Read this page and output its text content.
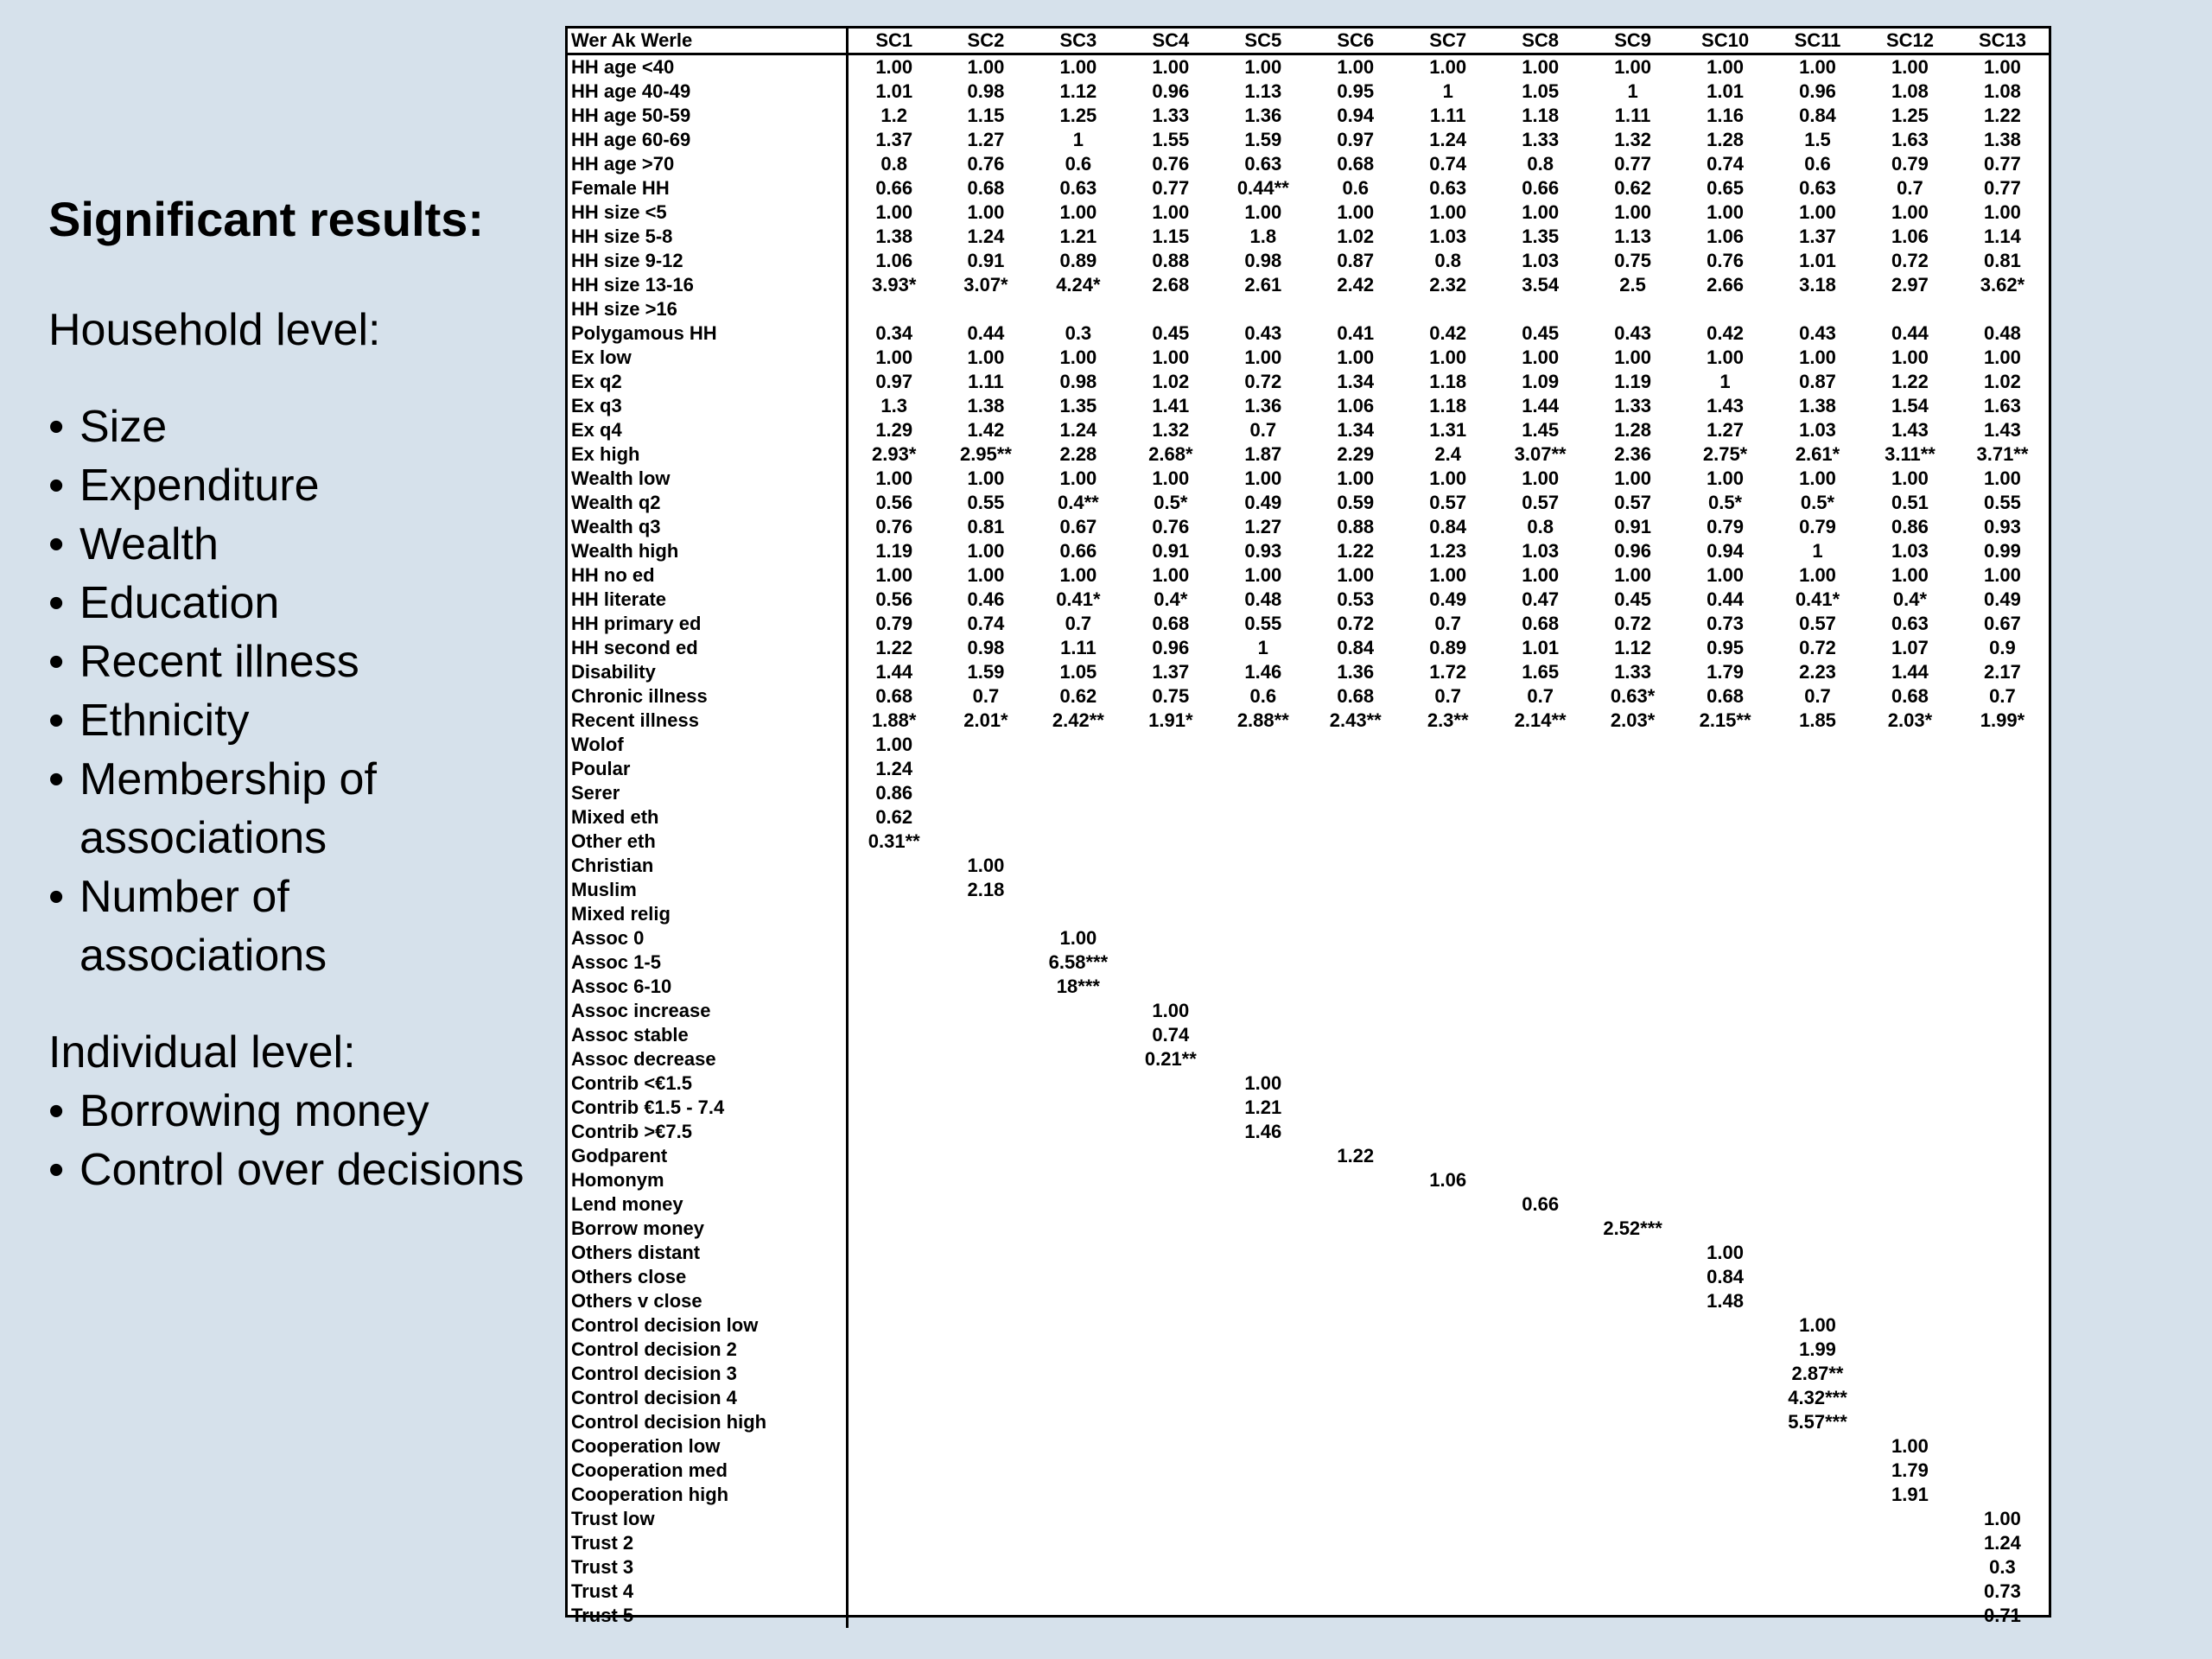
Significant results:
Household level:
• Size
• Expenditure
• Wealth
• Education
• Recent illness
• Ethnicity
• Membership of associations
• Number of associations
Individual level:
• Borrowing money
• Control over decisions
Wer Ak Werle	SC1	SC2	SC3	SC4	SC5	SC6	SC7	SC8	SC9	SC10	SC11	SC12	SC13
HH age <40	1.00	1.00	1.00	1.00	1.00	1.00	1.00	1.00	1.00	1.00	1.00	1.00	1.00
HH age 40-49	1.01	0.98	1.12	0.96	1.13	0.95	1	1.05	1	1.01	0.96	1.08	1.08
HH age 50-59	1.2	1.15	1.25	1.33	1.36	0.94	1.11	1.18	1.11	1.16	0.84	1.25	1.22
HH age 60-69	1.37	1.27	1	1.55	1.59	0.97	1.24	1.33	1.32	1.28	1.5	1.63	1.38
HH age >70	0.8	0.76	0.6	0.76	0.63	0.68	0.74	0.8	0.77	0.74	0.6	0.79	0.77
Female HH	0.66	0.68	0.63	0.77	0.44**	0.6	0.63	0.66	0.62	0.65	0.63	0.7	0.77
HH size <5	1.00	1.00	1.00	1.00	1.00	1.00	1.00	1.00	1.00	1.00	1.00	1.00	1.00
HH size 5-8	1.38	1.24	1.21	1.15	1.8	1.02	1.03	1.35	1.13	1.06	1.37	1.06	1.14
HH size 9-12	1.06	0.91	0.89	0.88	0.98	0.87	0.8	1.03	0.75	0.76	1.01	0.72	0.81
HH size 13-16	3.93*	3.07*	4.24*	2.68	2.61	2.42	2.32	3.54	2.5	2.66	3.18	2.97	3.62*
HH size >16													
Polygamous HH	0.34	0.44	0.3	0.45	0.43	0.41	0.42	0.45	0.43	0.42	0.43	0.44	0.48
Ex low	1.00	1.00	1.00	1.00	1.00	1.00	1.00	1.00	1.00	1.00	1.00	1.00	1.00
Ex q2	0.97	1.11	0.98	1.02	0.72	1.34	1.18	1.09	1.19	1	0.87	1.22	1.02
Ex q3	1.3	1.38	1.35	1.41	1.36	1.06	1.18	1.44	1.33	1.43	1.38	1.54	1.63
Ex q4	1.29	1.42	1.24	1.32	0.7	1.34	1.31	1.45	1.28	1.27	1.03	1.43	1.43
Ex high	2.93*	2.95**	2.28	2.68*	1.87	2.29	2.4	3.07**	2.36	2.75*	2.61*	3.11**	3.71**
Wealth low	1.00	1.00	1.00	1.00	1.00	1.00	1.00	1.00	1.00	1.00	1.00	1.00	1.00
Wealth q2	0.56	0.55	0.4**	0.5*	0.49	0.59	0.57	0.57	0.57	0.5*	0.5*	0.51	0.55
Wealth q3	0.76	0.81	0.67	0.76	1.27	0.88	0.84	0.8	0.91	0.79	0.79	0.86	0.93
Wealth high	1.19	1.00	0.66	0.91	0.93	1.22	1.23	1.03	0.96	0.94	1	1.03	0.99
HH no ed	1.00	1.00	1.00	1.00	1.00	1.00	1.00	1.00	1.00	1.00	1.00	1.00	1.00
HH literate	0.56	0.46	0.41*	0.4*	0.48	0.53	0.49	0.47	0.45	0.44	0.41*	0.4*	0.49
HH primary ed	0.79	0.74	0.7	0.68	0.55	0.72	0.7	0.68	0.72	0.73	0.57	0.63	0.67
HH second ed	1.22	0.98	1.11	0.96	1	0.84	0.89	1.01	1.12	0.95	0.72	1.07	0.9
Disability	1.44	1.59	1.05	1.37	1.46	1.36	1.72	1.65	1.33	1.79	2.23	1.44	2.17
Chronic illness	0.68	0.7	0.62	0.75	0.6	0.68	0.7	0.7	0.63*	0.68	0.7	0.68	0.7
Recent illness	1.88*	2.01*	2.42**	1.91*	2.88**	2.43**	2.3**	2.14**	2.03*	2.15**	1.85	2.03*	1.99*
Wolof	1.00												
Poular	1.24												
Serer	0.86												
Mixed eth	0.62												
Other eth	0.31**												
Christian		1.00											
Muslim		2.18											
Mixed relig													
Assoc 0			1.00										
Assoc 1-5			6.58***										
Assoc 6-10			18***										
Assoc increase				1.00									
Assoc stable				0.74									
Assoc decrease				0.21**									
Contrib <€1.5					1.00								
Contrib €1.5 - 7.4					1.21								
Contrib >€7.5					1.46								
Godparent						1.22							
Homonym							1.06						
Lend money								0.66					
Borrow money									2.52***				
Others distant										1.00			
Others close										0.84			
Others v close										1.48			
Control decision low											1.00		
Control decision 2											1.99		
Control decision 3											2.87**		
Control decision 4											4.32***		
Control decision high											5.57***		
Cooperation low												1.00	
Cooperation med												1.79	
Cooperation high												1.91	
Trust low													1.00
Trust 2													1.24
Trust 3													0.3
Trust 4													0.73
Trust 5													0.71
